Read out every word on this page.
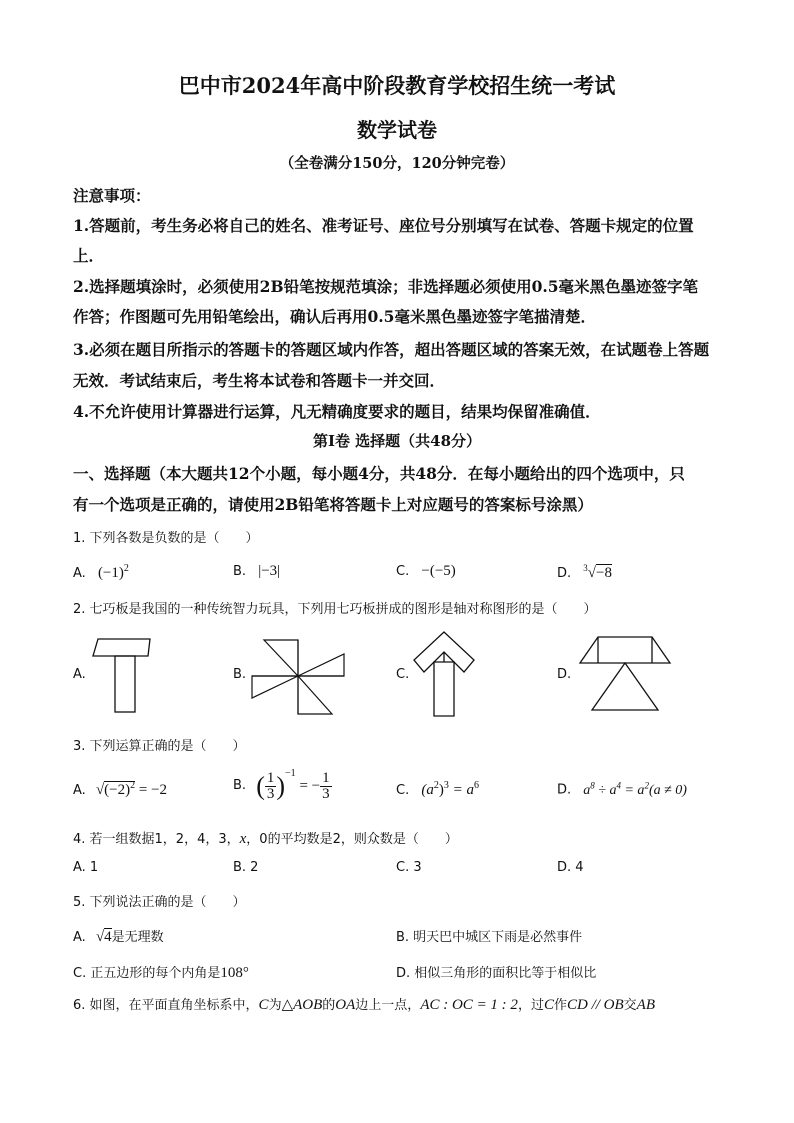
巴中市2024年高中阶段教育学校招生统一考试
数学试卷
（全卷满分150分，120分钟完卷）
注意事项：
1.答题前，考生务必将自己的姓名、准考证号、座位号分别填写在试卷、答题卡规定的位置
上．
2.选择题填涂时，必须使用2B铅笔按规范填涂；非选择题必须使用0.5毫米黑色墨迹签字笔
作答；作图题可先用铅笔绘出，确认后再用0.5毫米黑色墨迹签字笔描清楚．
3.必须在题目所指示的答题卡的答题区域内作答，超出答题区域的答案无效，在试题卷上答题
无效．考试结束后，考生将本试卷和答题卡一并交回．
4.不允许使用计算器进行运算，凡无精确度要求的题目，结果均保留准确值．
第Ⅰ卷 选择题（共48分）
一、选择题（本大题共12个小题，每小题4分，共48分．在每小题给出的四个选项中，只
有一个选项是正确的，请使用2B铅笔将答题卡上对应题号的答案标号涂黑）
1. 下列各数是负数的是（　　）
A. $(-1)^2$	B. |−3|	C. −(−5)	D. $^3$√−8
2. 七巧板是我国的一种传统智力玩具，下列用七巧板拼成的图形是轴对称图形的是（　　）
A.	B.	C.	D.
3. 下列运算正确的是（　　）
A. $√(-2)^2 = -2$	B. ( $\frac{1}{3} )^{-1}$ = − $\frac{1}{3}$	C. $(a^2)^3 = a^6$	D. $a^8 \div a^4 = a^2(a \ne 0)$
4. 若一组数据1，2，4，3，x，0的平均数是2，则众数是（　　）
A. 1	B. 2	C. 3	D. 4
5. 下列说法正确的是（　　）
A. √4是无理数	B. 明天巴中城区下雨是必然事件
C. 正五边形的每个内角是108°	D. 相似三角形的面积比等于相似比
6. 如图，在平面直角坐标系中，C为△AOB的OA边上一点，AC : OC = 1 : 2，过C作CD // OB交AB
